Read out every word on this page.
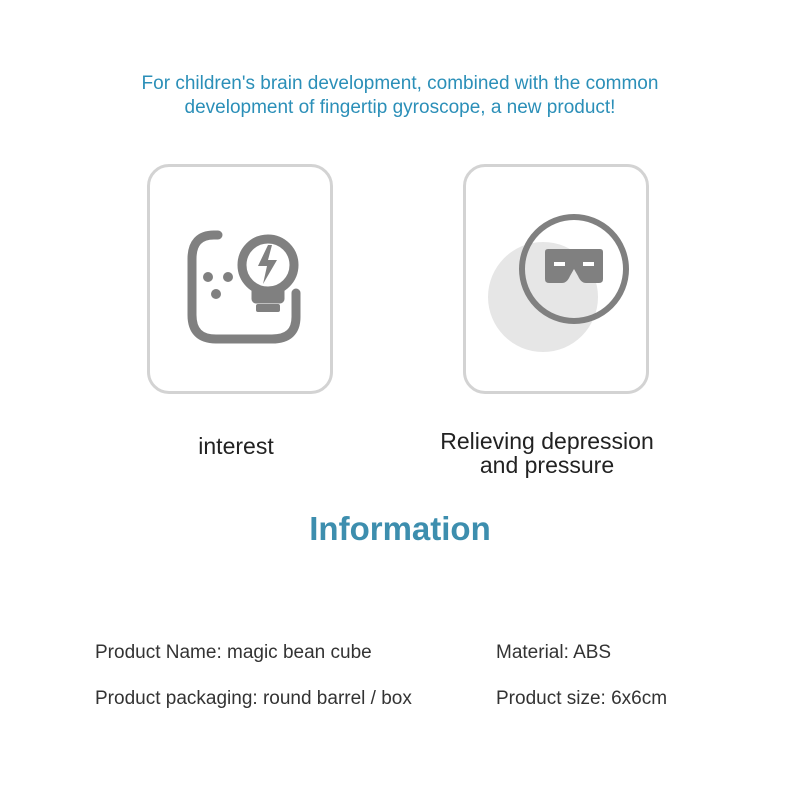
For children's brain development, combined with the common
development of fingertip gyroscope, a new product!
interest	Relieving depression
and pressure
Information
Product Name: magic bean cube	Material: ABS
Product packaging: round barrel / box	Product size: 6x6cm
